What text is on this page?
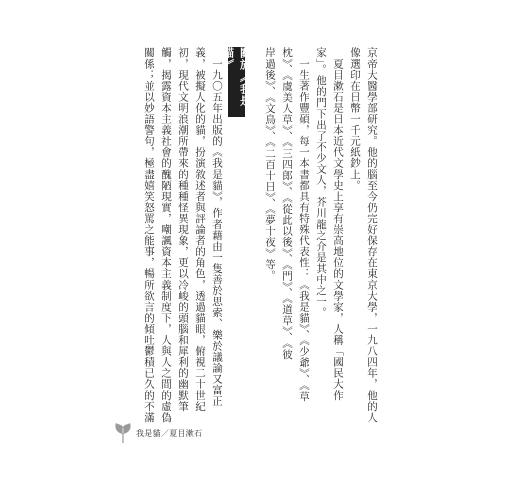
京帝大醫學部研究。他的腦至今仍完好保存在東京大學，一九八四年，他的人
像選印在日幣一千元紙鈔上。
　夏目漱石是日本近代文學史上享有崇高地位的文學家，人稱「國民大作
家」。他的門下出了不少文人，芥川龍之介是其中之一。
　一生著作豐碩，每一本書都具有特殊代表性：《我是貓》、《少爺》、《草
枕》、《虞美人草》、《三四郎》、《從此以後》、《門》、《道草》、《彼
岸過後》、《文鳥》、《二百十日》、《夢十夜》等。
關於《我是貓》
　一九〇五年出版的《我是貓》，作者藉由一隻善於思索、樂於議論又富正
義，被擬人化的貓，扮演敘述者與評論者的角色，透過貓眼，俯視二十世紀
初，現代文明浪潮所帶來的種種怪異現象，更以冷峻的頭腦和犀利的幽默筆
觸，揭露資本主義社會的醜陋現實，嘲諷資本主義制度下，人與人之間的虛偽
關係；並以妙語警句，極盡嬉笑怒罵之能事，暢所欲言的傾吐鬱積已久的不滿
我是貓／夏目漱石
